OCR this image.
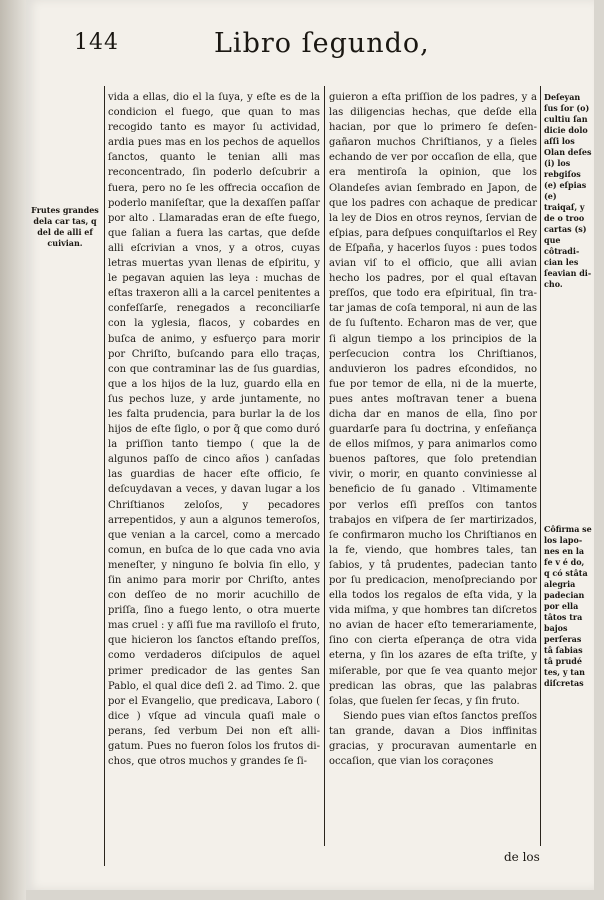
144	Libro ſegundo,
Frutes grandes dela car tas, q del de alli ef cuivian.
Deſeyan ſus ſor (o) cultiu ſan dicie dolo aſſi los Olan deſes (i) los rebgiſos (e) eſpias (e) traiqaſ, y de o troo cartas (s) que côtradician les ſeavian dicho.
Côfirma se los lapones en la fe v é do, q có stâta alegria padecian por ella tâtos tra bajos perſeras tâ ſabias tâ prudé tes, y tan diſcretas

vida a ellas, dio el la ſuya, y eſte es de la condicion el fuego, que quan to mas recogido tanto es mayor ſu actividad, ardia pues mas en los pechos de aquellos ſanctos, quanto le tenian alli mas reconcentrado, ſin poderlo deſcubrir a fuera, pero no ſe les offrecia occaſion de poderlo maniſeſtar, que la dexaſſen paſſar por alto . Llamaradas eran de eſte fuego, que ſalian a fuera las cartas, que deſde alli eſcrivian a vnos, y a otros, cuyas letras muertas yvan llenas de eſpiritu, y le pegavan aquien las leya : muchas de eſtas traxeron alli a la carcel penitentes a confeſſarſe, renegados a reconciliarſe con la yglesia, flacos, y cobardes en buſca de animo, y esfuerço para morir por Chriſto, buſcando para ello traças, con que contraminar las de ſus guardias, que a los hijos de la luz, guardo ella en ſus pechos luze, y arde juntamente, no les falta prudencia, para burlar la de los hijos de eſte ſiglo, o por q̃ que como duró la priſſion tanto tiempo ( que la de algunos paſſo de cinco años ) canſadas las guardias de hacer eſte officio, ſe deſcuydavan a veces, y davan lugar a los Chriſtianos zeloſos, y pecadores arrepentidos, y aun a algunos temeroſos, que venian a la carcel, como a mercado comun, en buſca de lo que cada vno avia meneſter, y ninguno ſe bolvia ſin ello, y ſin animo para morir por Chriſto, antes con deſſeo de no morir acuchillo de priſſa, ſino a fuego lento, o otra muerte mas cruel : y aſſi fue ma ravilloſo el fruto, que hicieron los ſanctos eſtando preſſos, como verdaderos diſcipulos de aquel primer predicador de las gentes San Pablo, el qual dice deſi 2. ad Timo. 2. que por el Evangelio, que predicava, Laboro ( dice ) vſque ad vincula quaſi male o perans, ſed verbum Dei non eſt alligatum. Pues no fueron ſolos los frutos dichos, que otros muchos y grandes ſe ſi-

guieron a eſta priſſion de los padres, y a las diligencias hechas, que deſde ella hacian, por que lo primero ſe deſengañaron muchos Chriſtianos, y a ſieles echando de ver por occaſion de ella, que era mentiroſa la opinion, que los Olandeſes avian ſembrado en Japon, de que los padres con achaque de predicar la ley de Dios en otros reynos, ſervian de eſpias, para deſpues conquiſtarlos el Rey de Eſpaña, y hacerlos ſuyos : pues todos avian viſ to el officio, que alli avian hecho los padres, por el qual eſtavan preſſos, que todo era eſpiritual, ſin tratar jamas de coſa temporal, ni aun de las de ſu ſuſtento. Echaron mas de ver, que ſi algun tiempo a los principios de la perſecucion contra los Chriſtianos, anduvieron los padres eſcondidos, no fue por temor de ella, ni de la muerte, pues antes moſtravan tener a buena dicha dar en manos de ella, ſino por guardarſe para ſu doctrina, y enſeñança de ellos miſmos, y para animarlos como buenos paſtores, que ſolo pretendian vivir, o morir, en quanto conviniesse al beneficio de ſu ganado . Vltimamente por verlos eſſi preſſos con tantos trabajos en viſpera de ſer martirizados, ſe confirmaron mucho los Chriſtianos en la fe, viendo, que hombres tales, tan ſabios, y tâ prudentes, padecian tanto por ſu predicacion, menoſpreciando por ella todos los regalos de eſta vida, y la vida miſma, y que hombres tan diſcretos no avian de hacer eſto temerariamente, ſino con cierta eſperança de otra vida eterna, y ſin los azares de eſta triſte, y miſerable, por que ſe vea quanto mejor predican las obras, que las palabras ſolas, que ſuelen ſer ſecas, y ſin fruto.

Siendo pues vian eſtos ſanctos preſſos tan grande, davan a Dios inffinitas gracias, y procuravan aumentarle en occaſion, que vian los coraçones

de los
